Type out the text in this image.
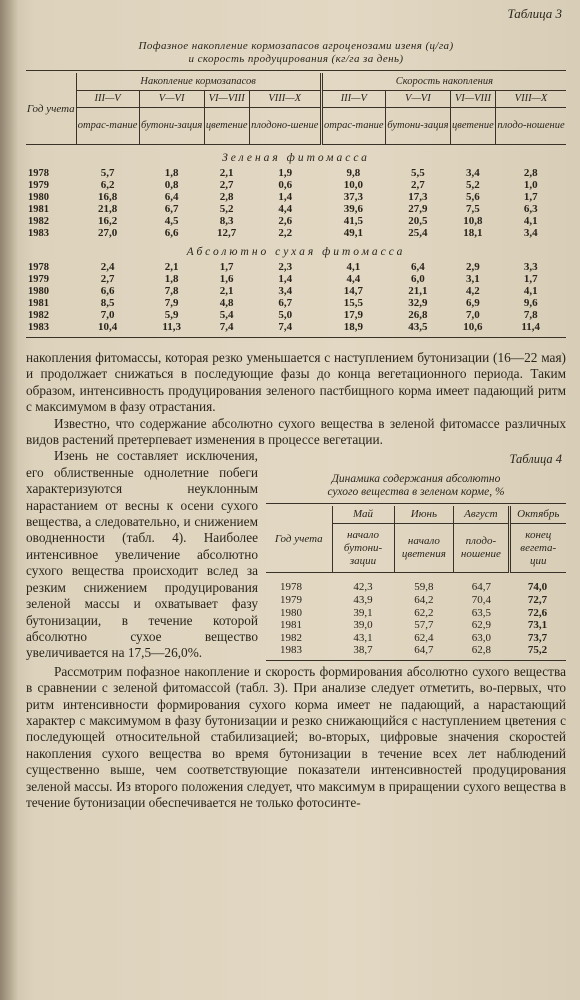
Таблица 3
Пофазное накопление кормозапасов агроценозами изеня (ц/га)
и скорость продуцирования (кг/га за день)

Год учета	Накопление кормозапасов				Скорость накопления			
	III—V	V—VI	VI—VIII	VIII—X	III—V	V—VI	VI—VIII	VIII—X
	отрас-тание	бутони-зация	цветение	плодоно-шение	отрас-тание	бутони-зация	цветение	плодо-ношение
Зеленая фитомасса								
1978	5,7	1,8	2,1	1,9	9,8	5,5	3,4	2,8
1979	6,2	0,8	2,7	0,6	10,0	2,7	5,2	1,0
1980	16,8	6,4	2,8	1,4	37,3	17,3	5,6	1,7
1981	21,8	6,7	5,2	4,4	39,6	27,9	7,5	6,3
1982	16,2	4,5	8,3	2,6	41,5	20,5	10,8	4,1
1983	27,0	6,6	12,7	2,2	49,1	25,4	18,1	3,4
Абсолютно сухая фитомасса								
1978	2,4	2,1	1,7	2,3	4,1	6,4	2,9	3,3
1979	2,7	1,8	1,6	1,4	4,4	6,0	3,1	1,7
1980	6,6	7,8	2,1	3,4	14,7	21,1	4,2	4,1
1981	8,5	7,9	4,8	6,7	15,5	32,9	6,9	9,6
1982	7,0	5,9	5,4	5,0	17,9	26,8	7,0	7,8
1983	10,4	11,3	7,4	7,4	18,9	43,5	10,6	11,4

накопления фитомассы, которая резко уменьшается с наступлением бутонизации (16—22 мая) и продолжает снижаться в последующие фазы до конца вегетационного периода. Таким образом, интенсивность продуцирования зеленого пастбищного корма имеет падающий ритм с максимумом в фазу отрастания.

Известно, что содержание абсолютно сухого вещества в зеленой фитомассе различных видов растений претерпевает изменения в процессе вегетации.

Изень не составляет исключения, его облиственные однолетние побеги характеризуются неуклонным нарастанием от весны к осени сухого вещества, а следовательно, и снижением оводненности (табл. 4). Наиболее интенсивное увеличение абсолютно сухого вещества происходит вслед за резким снижением продуцирования зеленой массы и охватывает фазу бутонизации, в течение которой абсолютно сухое вещество увеличивается на 17,5—26,0%.

Таблица 4
Динамика содержания абсолютно
сухого вещества в зеленом корме, %

Год учета	Май	Июнь	Август	Октябрь
	начало бутони-зации	начало цветения	плодо-ношение	конец вегета-ции
1978	42,3	59,8	64,7	74,0
1979	43,9	64,2	70,4	72,7
1980	39,1	62,2	63,5	72,6
1981	39,0	57,7	62,9	73,1
1982	43,1	62,4	63,0	73,7
1983	38,7	64,7	62,8	75,2

Рассмотрим пофазное накопление и скорость формирования абсолютно сухого вещества в сравнении с зеленой фитомассой (табл. 3). При анализе следует отметить, во-первых, что ритм интенсивности формирования сухого корма имеет не падающий, а нарастающий характер с максимумом в фазу бутонизации и резко снижающийся с наступлением цветения с последующей относительной стабилизацией; во-вторых, цифровые значения скоростей накопления сухого вещества во время бутонизации в течение всех лет наблюдений существенно выше, чем соответствующие показатели интенсивностей продуцирования зеленой массы. Из второго положения следует, что максимум в приращении сухого вещества в течение бутонизации обеспечивается не только фотосинте-
